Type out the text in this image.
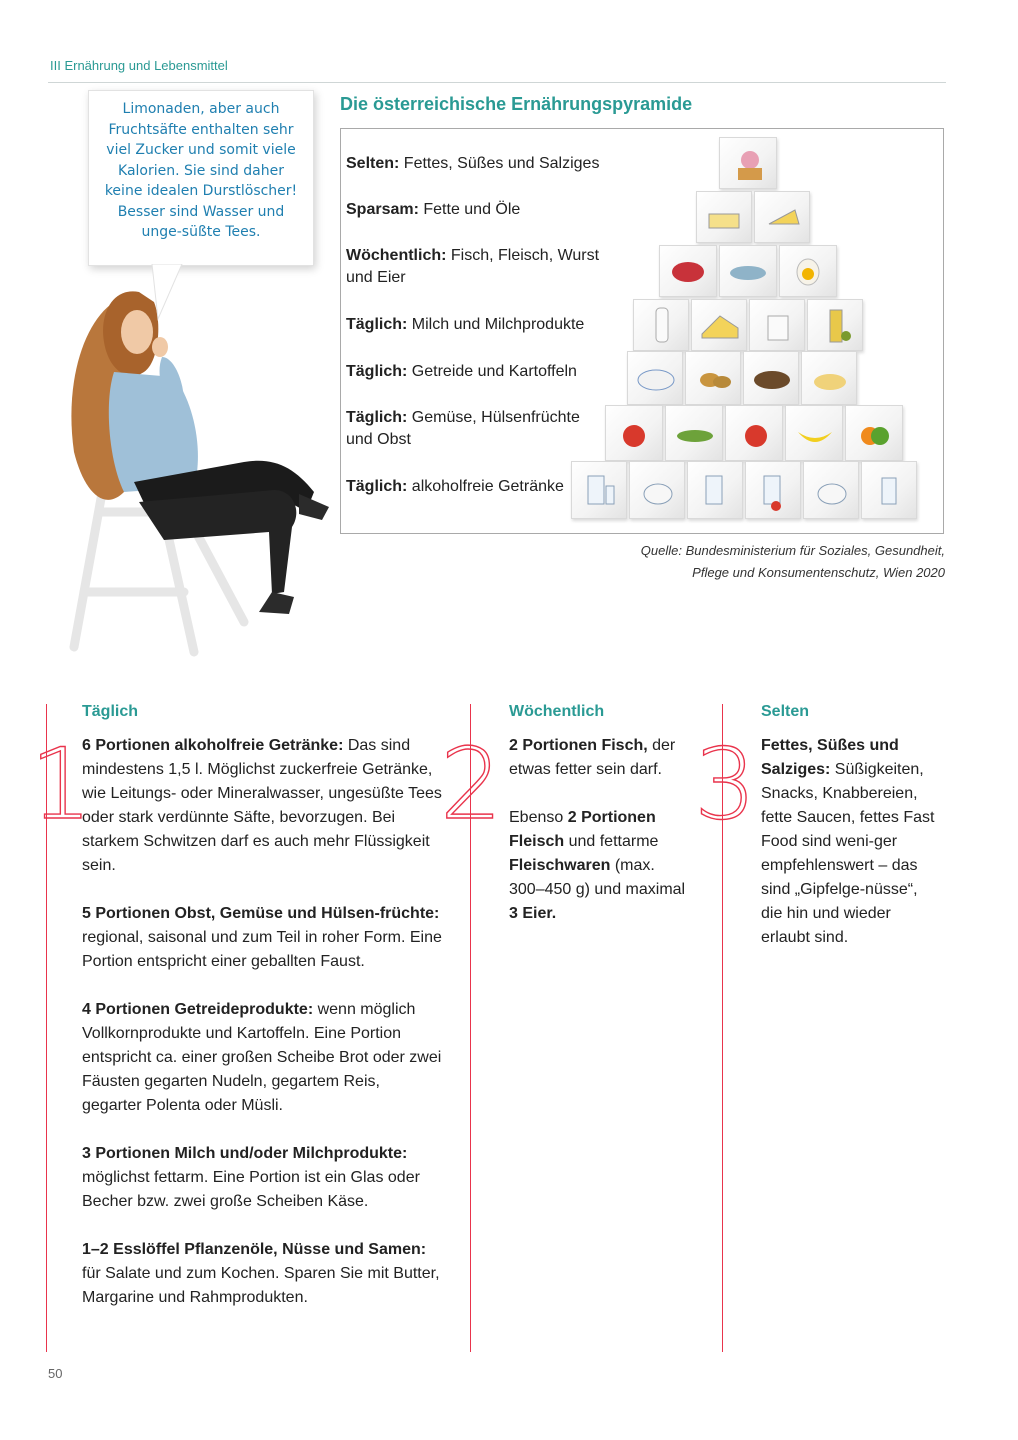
III Ernährung und Lebensmittel
Limonaden, aber auch Fruchtsäfte enthalten sehr viel Zucker und somit viele Kalorien. Sie sind daher keine idealen Durstlöscher! Besser sind Wasser und unge-süßte Tees.
Die österreichische Ernährungspyramide
Selten: Fettes, Süßes und Salziges
Sparsam: Fette und Öle
Wöchentlich: Fisch, Fleisch, Wurst und Eier
Täglich: Milch und Milchprodukte
Täglich: Getreide und Kartoffeln
Täglich: Gemüse, Hülsenfrüchte und Obst
Täglich: alkoholfreie Getränke
Quelle: Bundesministerium für Soziales, Gesundheit,
Pflege und Konsumentenschutz, Wien 2020
1
Täglich

6 Portionen alkoholfreie Getränke: Das sind mindestens 1,5 l. Möglichst zuckerfreie Getränke, wie Leitungs- oder Mineralwasser, ungesüßte Tees oder stark verdünnte Säfte, bevorzugen. Bei starkem Schwitzen darf es auch mehr Flüssigkeit sein.

5 Portionen Obst, Gemüse und Hülsen-früchte: regional, saisonal und zum Teil in roher Form. Eine Portion entspricht einer geballten Faust.

4 Portionen Getreideprodukte: wenn möglich Vollkornprodukte und Kartoffeln. Eine Portion entspricht ca. einer großen Scheibe Brot oder zwei Fäusten gegarten Nudeln, gegartem Reis, gegarter Polenta oder Müsli.

3 Portionen Milch und/oder Milchprodukte: möglichst fettarm. Eine Portion ist ein Glas oder Becher bzw. zwei große Scheiben Käse.

1–2 Esslöffel Pflanzenöle, Nüsse und Samen: für Salate und zum Kochen. Sparen Sie mit Butter, Margarine und Rahmprodukten.

2
Wöchentlich

2 Portionen Fisch, der etwas fetter sein darf.

Ebenso 2 Portionen Fleisch und fettarme Fleischwaren (max. 300–450 g) und maximal 3 Eier.

3
Selten

Fettes, Süßes und Salziges: Süßigkeiten, Snacks, Knabbereien, fette Saucen, fettes Fast Food sind weni-ger empfehlenswert – das sind „Gipfelge-nüsse“, die hin und wieder erlaubt sind.

50
